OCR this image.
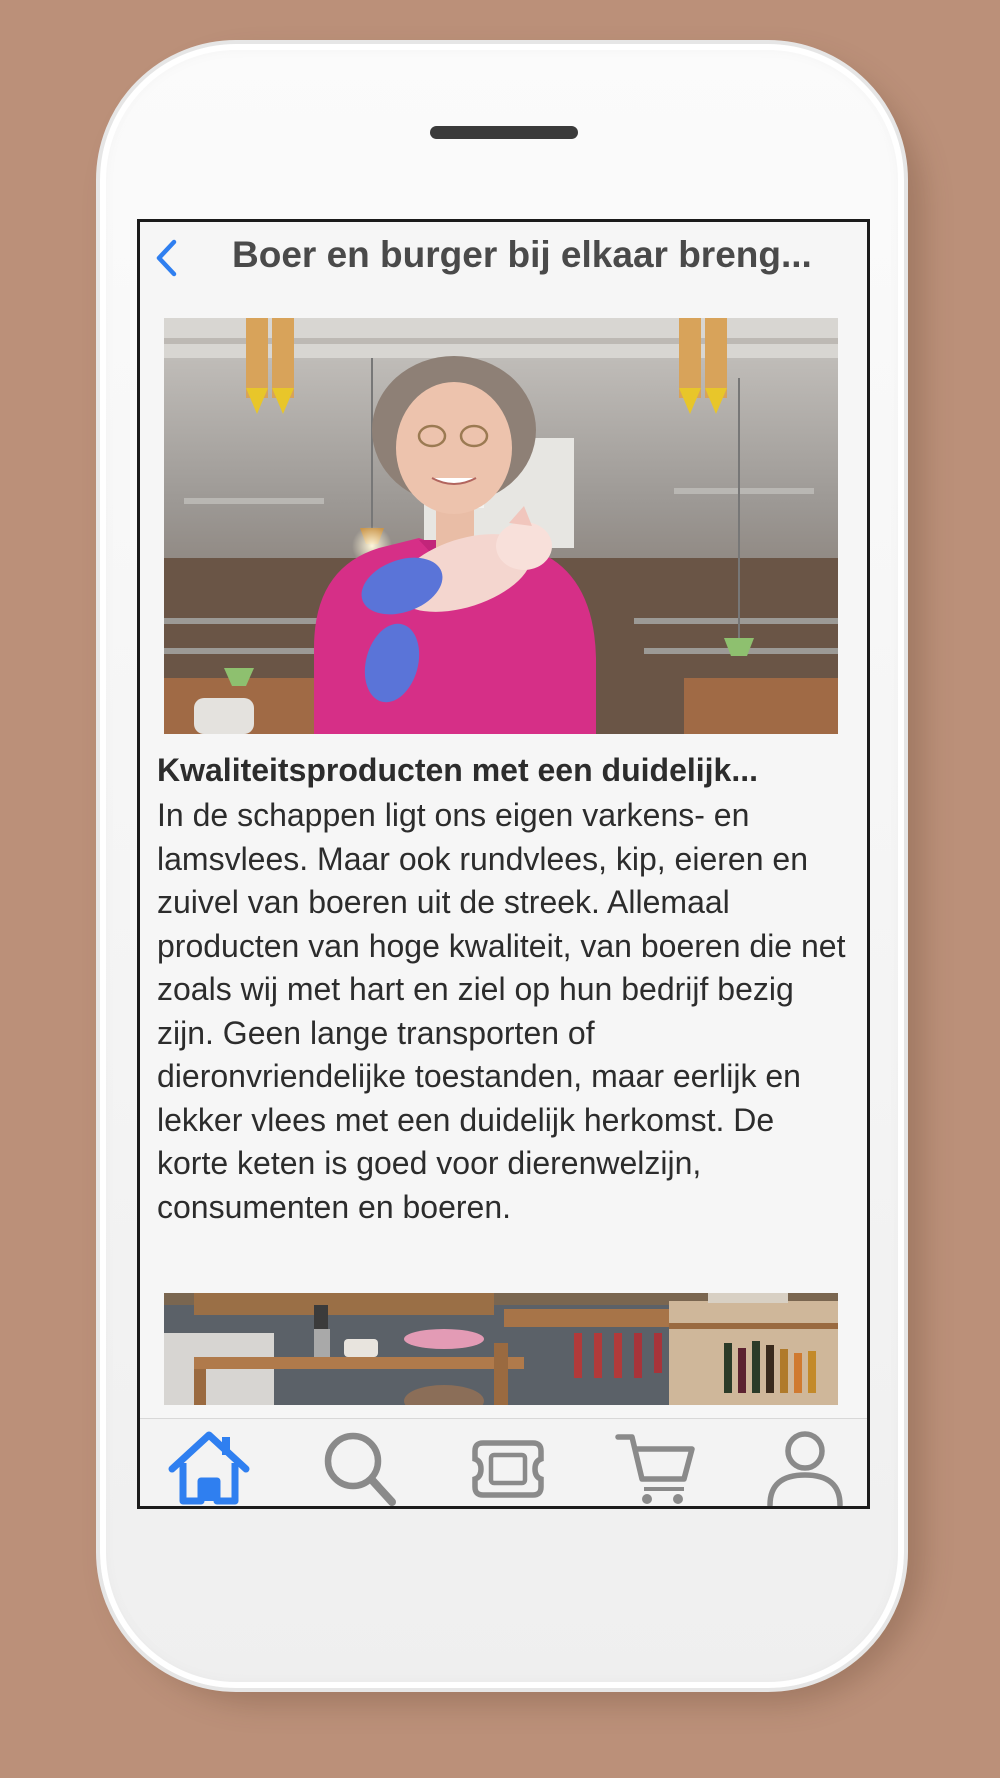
Boer en burger bij elkaar breng...
Kwaliteitsproducten met een duidelijk...

In de schappen ligt ons eigen varkens- en lamsvlees. Maar ook rundvlees, kip, eieren en zuivel van boeren uit de streek. Allemaal producten van hoge kwaliteit, van boeren die net zoals wij met hart en ziel op hun bedrijf bezig zijn. Geen lange transporten of dieronvriendelijke toestanden, maar eerlijk en lekker vlees met een duidelijk herkomst. De korte keten is goed voor dierenwelzijn, consumenten en boeren.
